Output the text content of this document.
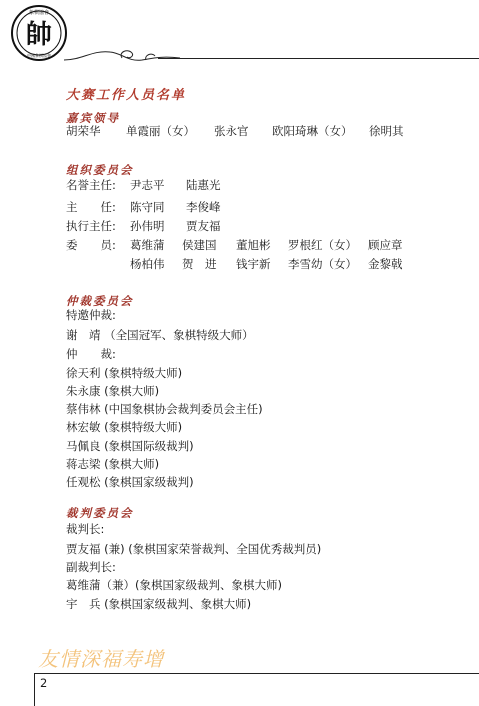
帥
象棋協會
中國象棋協會
大赛工作人员名单
嘉宾领导
胡荣华 单霞丽（女） 张永官 欧阳琦琳（女） 徐明其
组织委员会
名誉主任: 尹志平 陆惠光
主　　任: 陈守同 李俊峰
执行主任: 孙伟明 贾友福
委　　员: 葛维蒲 侯建国 董旭彬 罗根红（女） 顾应章
杨柏伟 贺　进 钱宇新 李雪幼（女） 金黎戟
仲裁委员会
特邀仲裁:
谢　靖 （全国冠军、象棋特级大师）
仲　　裁:
徐天利 (象棋特级大师)
朱永康 (象棋大师)
蔡伟林 (中国象棋协会裁判委员会主任)
林宏敏 (象棋特级大师)
马佩良 (象棋国际级裁判)
蒋志梁 (象棋大师)
任观松 (象棋国家级裁判)
裁判委员会
裁判长:
贾友福 (兼) (象棋国家荣誉裁判、全国优秀裁判员)
副裁判长:
葛维蒲（兼）(象棋国家级裁判、象棋大师)
宇　兵 (象棋国家级裁判、象棋大师)
友情深福寿增
2
